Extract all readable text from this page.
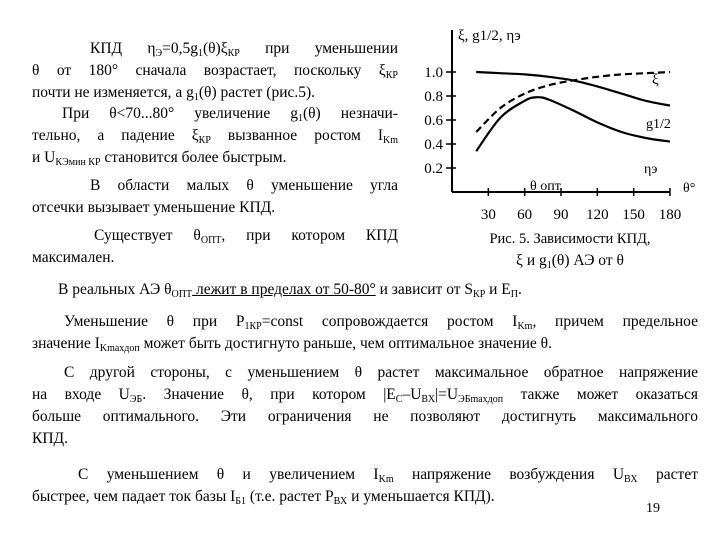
КПД $\eta_Э=0,5g_1(\theta)\xi_{КР}$ при уменьшении
θ от 180° сначала возрастает, поскольку $\xi_{КР}$
почти не изменяется, а $g_1(\theta)$ растет (рис.5).
При θ<70...80° увеличение $g_1(\theta)$ незначи-
тельно, а падение $\xi_{КР}$ вызванное ростом $I_{Km}$
и $U_{КЭмин КР}$ становится более быстрым.
В области малых θ уменьшение угла
отсечки вызывает уменьшение КПД.
Существует $\theta_{ОПТ}$, при котором КПД
максимален.
ξ, g1/2, ηэ
1.0
0.8
0.6
0.4
0.2
30 60 90 120 150 180
θ опт	θ°
ξ
g1/2
ηэ
Рис. 5. Зависимости КПД,
ξ и $g_1(\theta)$ АЭ от θ
В реальных АЭ $\theta_{ОПТ}$ лежит в пределах от 50-80° и зависит от $S_{КР}$ и $E_П$.
Уменьшение θ при $P_{1КР}=const$ сопровождается ростом $I_{Km}$, причем предельное
значение $I_{Kmaxдоп}$ может быть достигнуто раньше, чем оптимальное значение θ.
С другой стороны, с уменьшением θ растет максимальное обратное напряжение
на входе $U_{ЭБ}$. Значение θ, при котором $|E_С-U_{ВХ}|=U_{ЭБmaxдоп}$ также может оказаться
больше оптимального. Эти ограничения не позволяют достигнуть максимального
КПД.
С уменьшением θ и увеличением $I_{Km}$ напряжение возбуждения $U_{ВХ}$ растет
быстрее, чем падает ток базы $I_{Б1}$ (т.е. растет $P_{ВХ}$ и уменьшается КПД).
19
